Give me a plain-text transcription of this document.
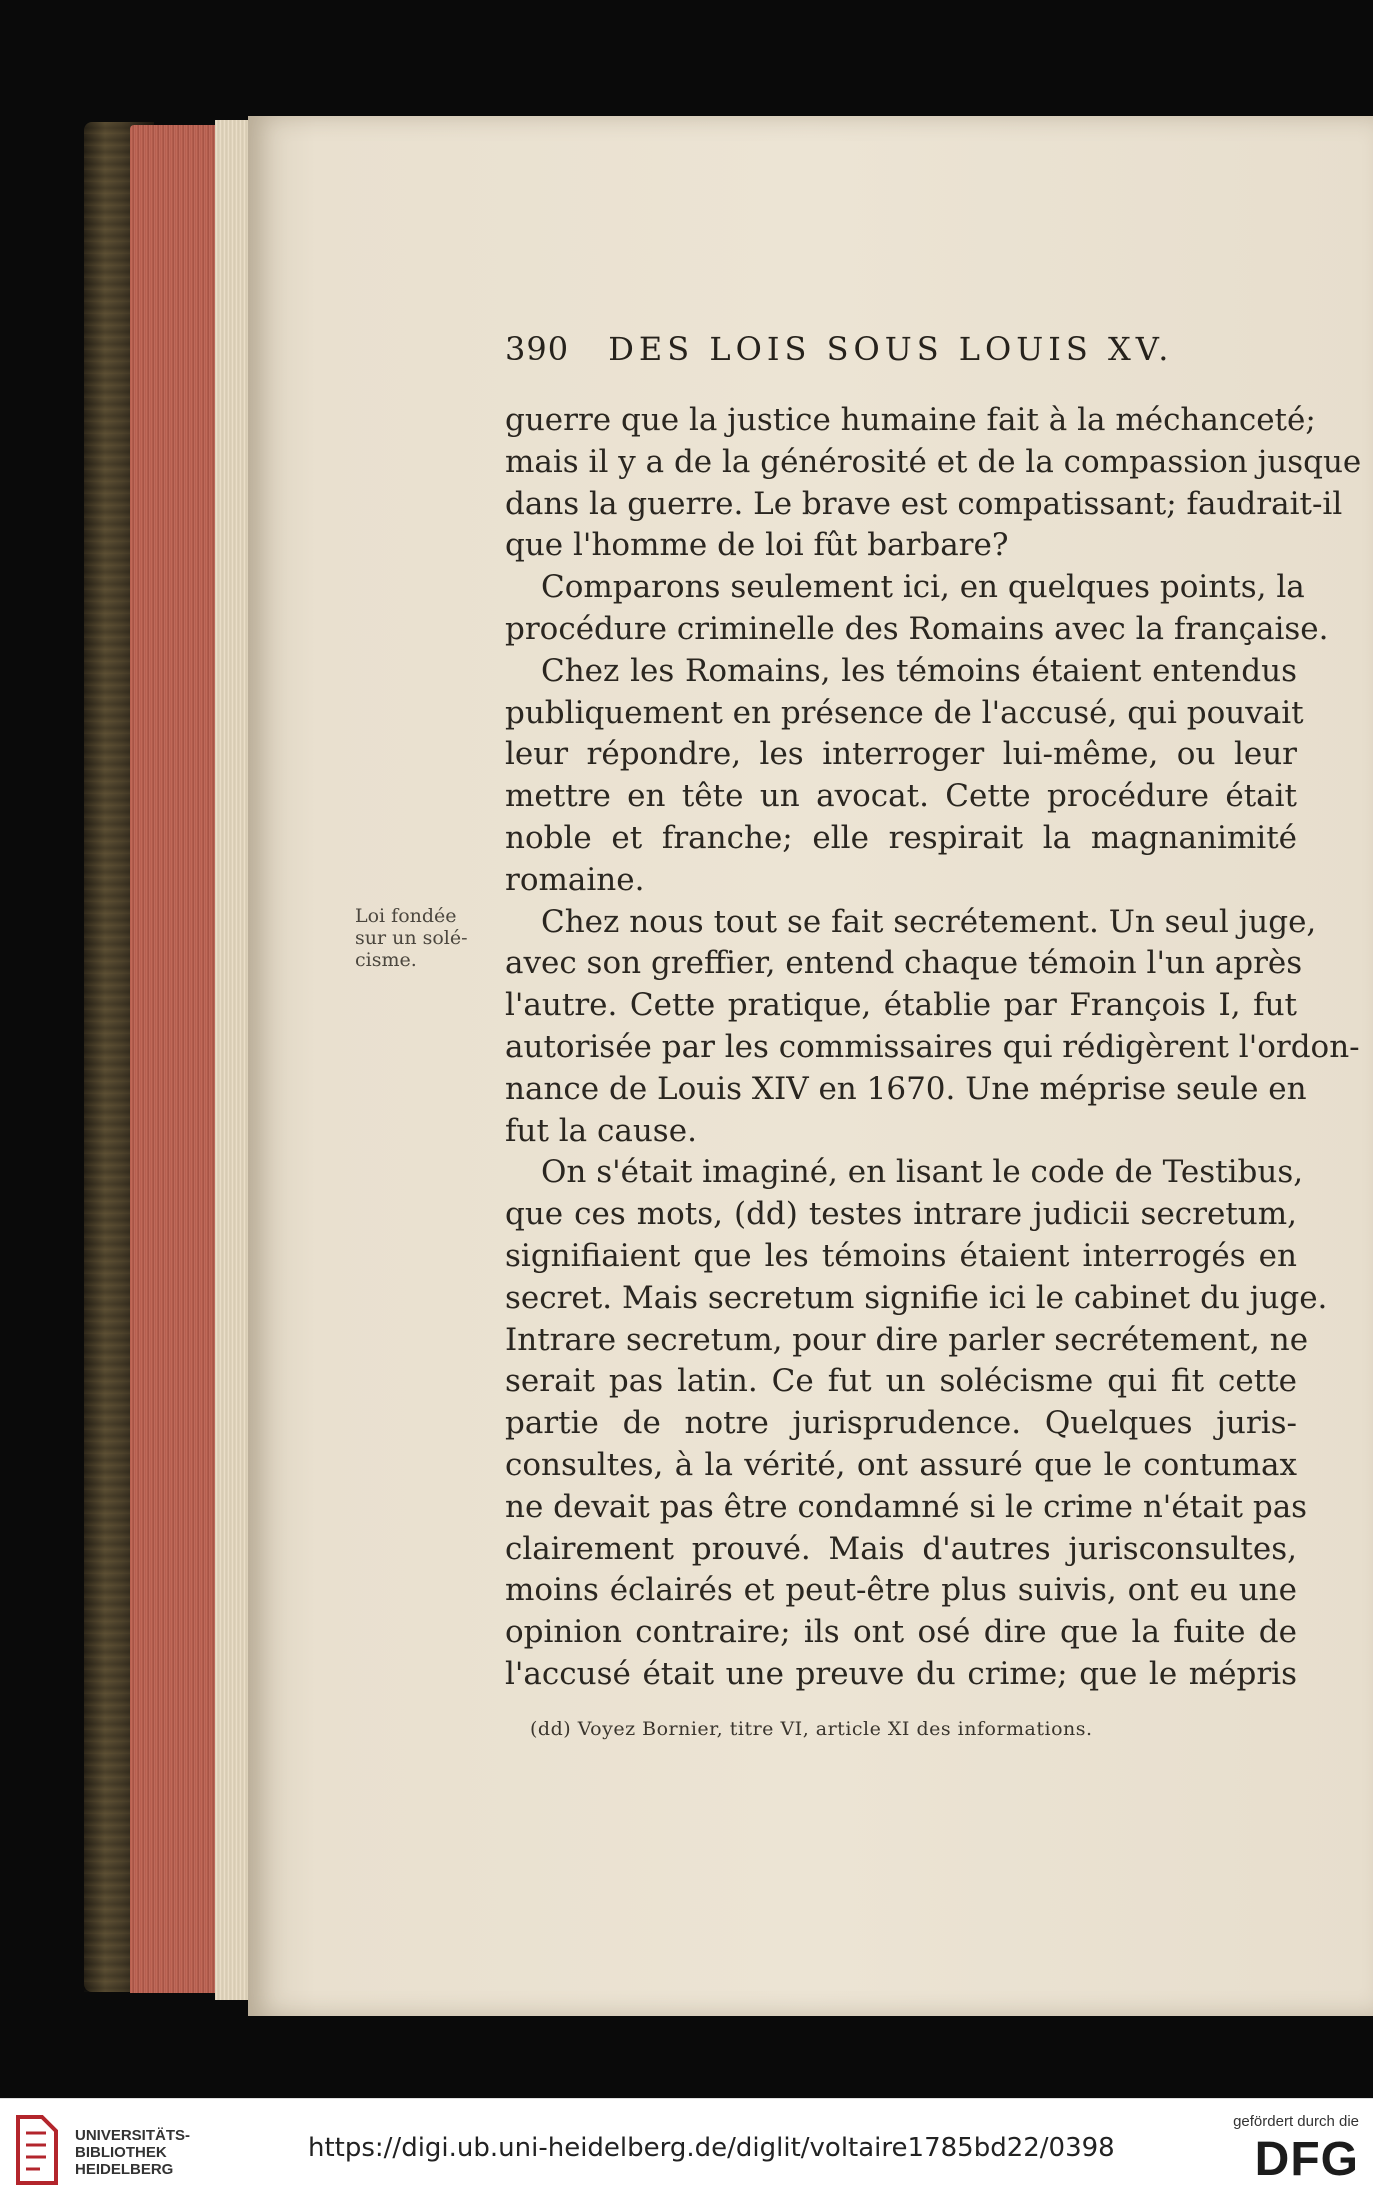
390 DES LOIS SOUS LOUIS XV.
Loi fondée
sur un solé-
cisme.
guerre que la justice humaine fait à la méchanceté;
mais il y a de la générosité et de la compassion jusque
dans la guerre. Le brave est compatissant; faudrait-il
que l'homme de loi fût barbare?
Comparons seulement ici, en quelques points, la
procédure criminelle des Romains avec la française.
Chez les Romains, les témoins étaient entendus
publiquement en présence de l'accusé, qui pouvait
leur répondre, les interroger lui-même, ou leur
mettre en tête un avocat. Cette procédure était
noble et franche; elle respirait la magnanimité
romaine.
Chez nous tout se fait secrétement. Un seul juge,
avec son greffier, entend chaque témoin l'un après
l'autre. Cette pratique, établie par François I, fut
autorisée par les commissaires qui rédigèrent l'ordon-
nance de Louis XIV en 1670. Une méprise seule en
fut la cause.
On s'était imaginé, en lisant le code de Testibus,
que ces mots, (dd) testes intrare judicii secretum,
signifiaient que les témoins étaient interrogés en
secret. Mais secretum signifie ici le cabinet du juge.
Intrare secretum, pour dire parler secrétement, ne
serait pas latin. Ce fut un solécisme qui fit cette
partie de notre jurisprudence. Quelques juris-
consultes, à la vérité, ont assuré que le contumax
ne devait pas être condamné si le crime n'était pas
clairement prouvé. Mais d'autres jurisconsultes,
moins éclairés et peut-être plus suivis, ont eu une
opinion contraire; ils ont osé dire que la fuite de
l'accusé était une preuve du crime; que le mépris
(dd) Voyez Bornier, titre VI, article XI des informations.
UNIVERSITÄTS-
BIBLIOTHEK
HEIDELBERG
https://digi.ub.uni-heidelberg.de/diglit/voltaire1785bd22/0398
gefördert durch die
DFG
